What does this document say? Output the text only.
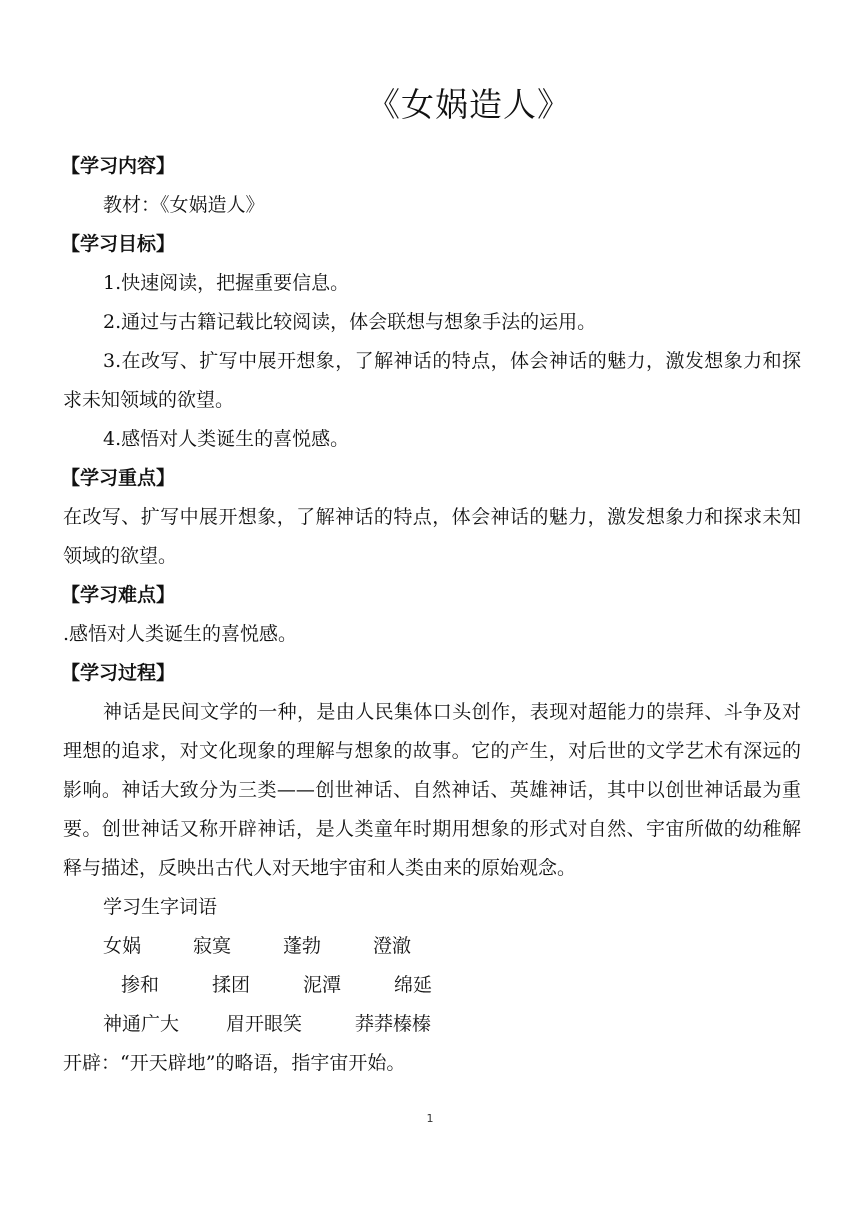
《女娲造人》
【学习内容】

教材：《女娲造人》

【学习目标】

1.快速阅读，把握重要信息。

2.通过与古籍记载比较阅读，体会联想与想象手法的运用。

3.在改写、扩写中展开想象，了解神话的特点，体会神话的魅力，激发想象力和探求未知领域的欲望。

4.感悟对人类诞生的喜悦感。

【学习重点】

在改写、扩写中展开想象，了解神话的特点，体会神话的魅力，激发想象力和探求未知领域的欲望。

【学习难点】

.感悟对人类诞生的喜悦感。

【学习过程】

神话是民间文学的一种，是由人民集体口头创作，表现对超能力的崇拜、斗争及对理想的追求，对文化现象的理解与想象的故事。它的产生，对后世的文学艺术有深远的影响。神话大致分为三类——创世神话、自然神话、英雄神话，其中以创世神话最为重要。创世神话又称开辟神话，是人类童年时期用想象的形式对自然、宇宙所做的幼稚解释与描述，反映出古代人对天地宇宙和人类由来的原始观念。

学习生字词语

女娲	寂寞	蓬勃	澄澈
掺和	揉团	泥潭	绵延
神通广大	眉开眼笑	莽莽榛榛

开辟：“开天辟地”的略语，指宇宙开始。

1
